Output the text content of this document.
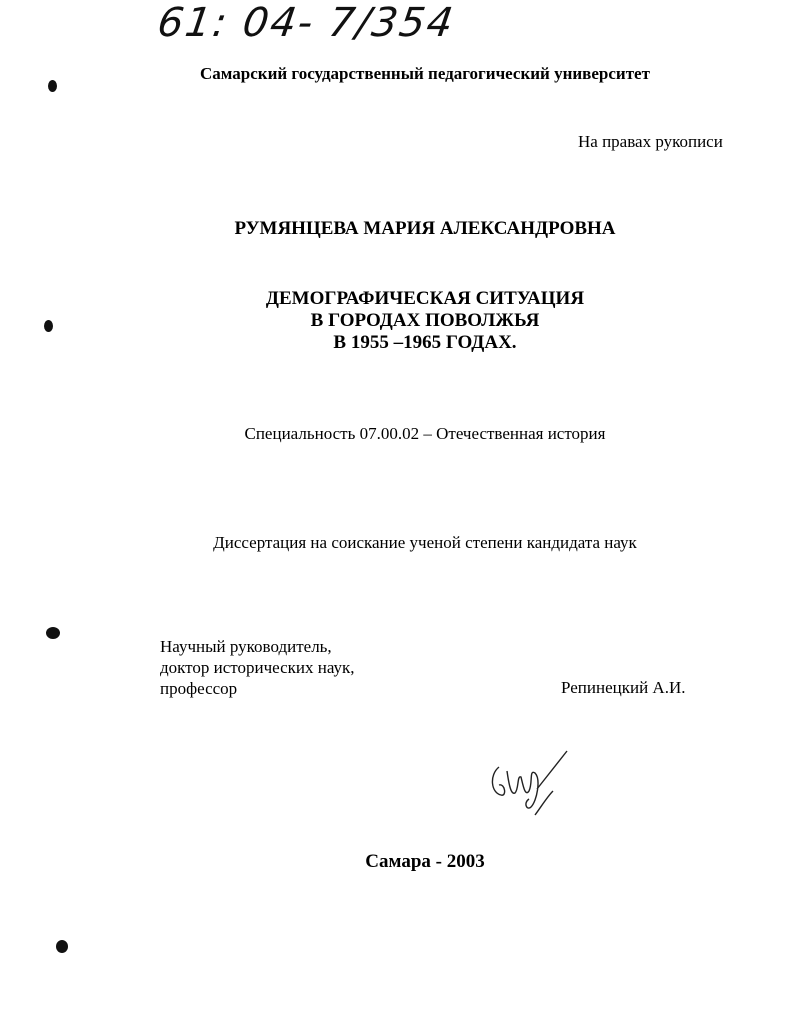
61: 04- 7/354
Самарский государственный педагогический университет
На правах рукописи
РУМЯНЦЕВА МАРИЯ АЛЕКСАНДРОВНА
ДЕМОГРАФИЧЕСКАЯ СИТУАЦИЯ
В ГОРОДАХ ПОВОЛЖЬЯ
В 1955 –1965 ГОДАХ.
Специальность 07.00.02 – Отечественная история
Диссертация на соискание ученой степени кандидата наук
Научный руководитель,
доктор исторических наук,
профессор	Репинецкий А.И.
Самара - 2003
